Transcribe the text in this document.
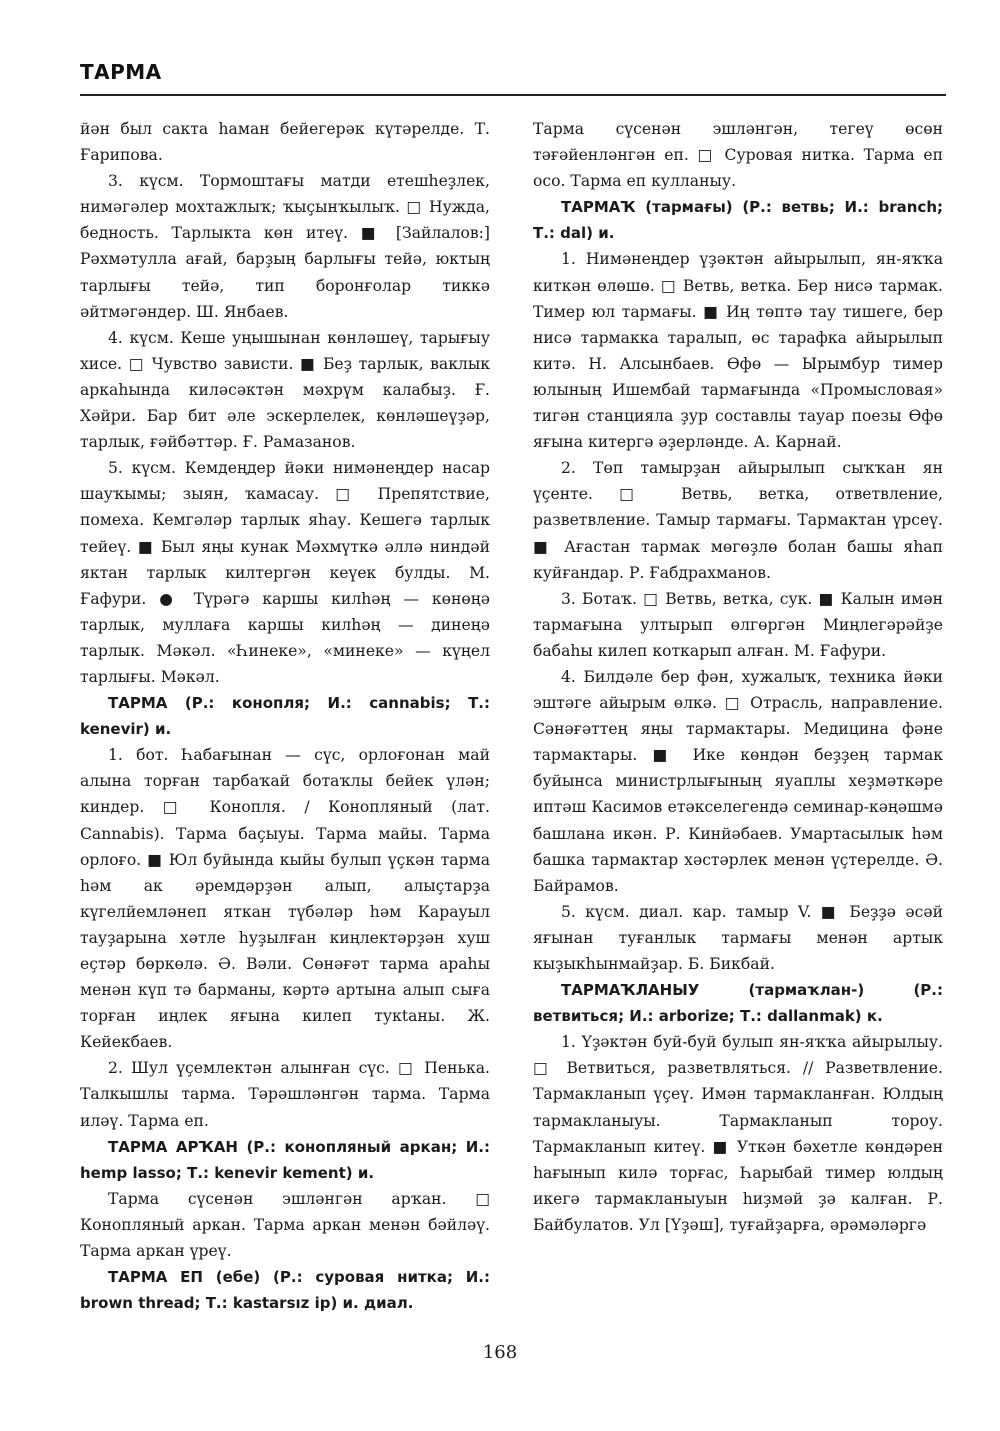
ТАРМА

йән был сакта һаман бейегерәк күтәрелде. Т. Ғарипова.

3. күсм. Тормоштағы матди етешһеҙлек, нимәгәлер мохтажлыҡ; ҡыҫынҡылыҡ. □ Нужда, бедность. Тарлыкта көн итеү. ■ [Зайлалов:] Рәхмәтулла ағай, барҙың барлығы тейә, юктың тарлығы тейә, тип боронғолар тиккә әйтмәгәндер. Ш. Янбаев.

4. күсм. Кеше уңышынан көнләшеү, тарығыу хисе. □ Чувство зависти. ■ Беҙ тарлык, ваклык аркаһында киләсәктән мәхрүм калабыҙ. Ғ. Хәйри. Бар бит әле эскерлелек, көнләшеүҙәр, тарлык, ғәйбәттәр. Ғ. Рамазанов.

5. күсм. Кемдеңдер йәки нимәнеңдер насар шауҡымы; зыян, ҡамасау. □ Препятствие, помеха. Кемгәләр тарлык яһау. Кешегә тарлык тейеү. ■ Был яңы кунак Мәхмүткә әллә ниндәй яктан тарлык килтергән кеүек булды. М. Ғафури. ● Түрәгә каршы килһәң — көнөңә тарлык, муллаға каршы килһәң — динеңә тарлык. Мәкәл. «Һинеке», «минеке» — күңел тарлығы. Мәкәл.

ТАРМА (Р.: конопля; И.: cannabis; Т.: kenevir) и.

1. бот. Һабағынан — сүс, орлоғонан май алына торған тарбаҡай ботаҡлы бейек үлән; киндер. □ Конопля. / Конопляный (лат. Cannabis). Тарма баҫыуы. Тарма майы. Тарма орлоғо. ■ Юл буйында кыйы булып үҫкән тарма һәм ак әремдәрҙән алып, алыҫтарҙа күгелйемләнеп яткан түбәләр һәм Карауыл тауҙарына хәтле һуҙылған киңлектәрҙән хуш еҫтәр бөркөлә. Ә. Вәли. Сөнәғәт тарма араһы менән күп тә барманы, кәртә артына алып сыға торған иңлек яғына килеп тукtaны. Ж. Кейекбаев.

2. Шул үҫемлектән алынған сүс. □ Пенька. Талкышлы тарма. Тәрәшләнгән тарма. Тарма иләү. Тарма еп.

ТАРМА АРҠАН (Р.: конопляный аркан; И.: hemp lasso; Т.: kenevir kement) и.

Тарма сүсенән эшләнгән арҡан. □ Конопляный аркан. Тарма аркан менән бәйләү. Тарма аркан үреү.

ТАРМА ЕП (ебе) (Р.: суровая нитка; И.: brown thread; Т.: kastarsız ip) и. диал.

Тарма сүсенән эшләнгән, тегеү өсөн тәғәйенләнгән еп. □ Суровая нитка. Тарма еп осо. Тарма еп кулланыу.

ТАРМАҠ (тармағы) (Р.: ветвь; И.: branch; Т.: dal) и.

1. Нимәнеңдер үҙәктән айырылып, ян-яҡҡа киткән өлөшө. □ Ветвь, ветка. Бер нисә тармак. Тимер юл тармағы. ■ Иң төптә тау тишеге, бер нисә тармакка таралып, өс тарафка айырылып китә. Н. Алсынбаев. Өфө — Ырымбур тимер юлының Ишембай тармағында «Промысловая» тигән станцияла ҙур составлы тауар поезы Өфө яғына китергә әҙерләнде. А. Карнай.

2. Төп тамырҙан айырылып сыҡҡан ян үҫенте. □ Ветвь, ветка, ответвление, разветвление. Тамыр тармағы. Тармактан үрсеү. ■ Ағастан тармак мөгөҙлө болан башы яһап куйғандар. Р. Ғабдрахманов.

3. Ботаҡ. □ Ветвь, ветка, сук. ■ Калын имән тармағына ултырып өлгөргән Миңлегәрәйҙе бабаһы килеп коткарып алған. М. Ғафури.

4. Билдәле бер фән, хужалыҡ, техника йәки эштәге айырым өлкә. □ Отрасль, направление. Сәнәғәттең яңы тармактары. Медицина фәне тармактары. ■ Ике көндән беҙҙең тармак буйынса министрлығының яуаплы хеҙмәткәре иптәш Касимов етәкселегендә семинар-кәңәшмә башлана икән. Р. Кинйәбаев. Умартасылык һәм башка тармактар хәстәрлек менән үҫтерелде. Ә. Байрамов.

5. күсм. диал. кар. тамыр V. ■ Беҙҙә әсәй яғынан туғанлык тармағы менән артык кыҙыкһынмайҙар. Б. Бикбай.

ТАРМАҠЛАНЫУ (тармаҡлан-) (Р.: ветвиться; И.: arborize; Т.: dallanmak) к.

1. Үҙәктән буй-буй булып ян-яҡҡа айырылыу. □ Ветвиться, разветвляться. // Разветвление. Тармакланып үҫеү. Имән тармакланған. Юлдың тармакланыуы. Тармакланып тороу. Тармакланып китеү. ■ Уткән бәхетле көндәрен һағынып килә торғас, Һарыбай тимер юлдың икегә тармакланыуын һиҙмәй ҙә калған. Р. Байбулатов. Ул [Үҙәш], туғайҙарға, әрәмәләргә

168
